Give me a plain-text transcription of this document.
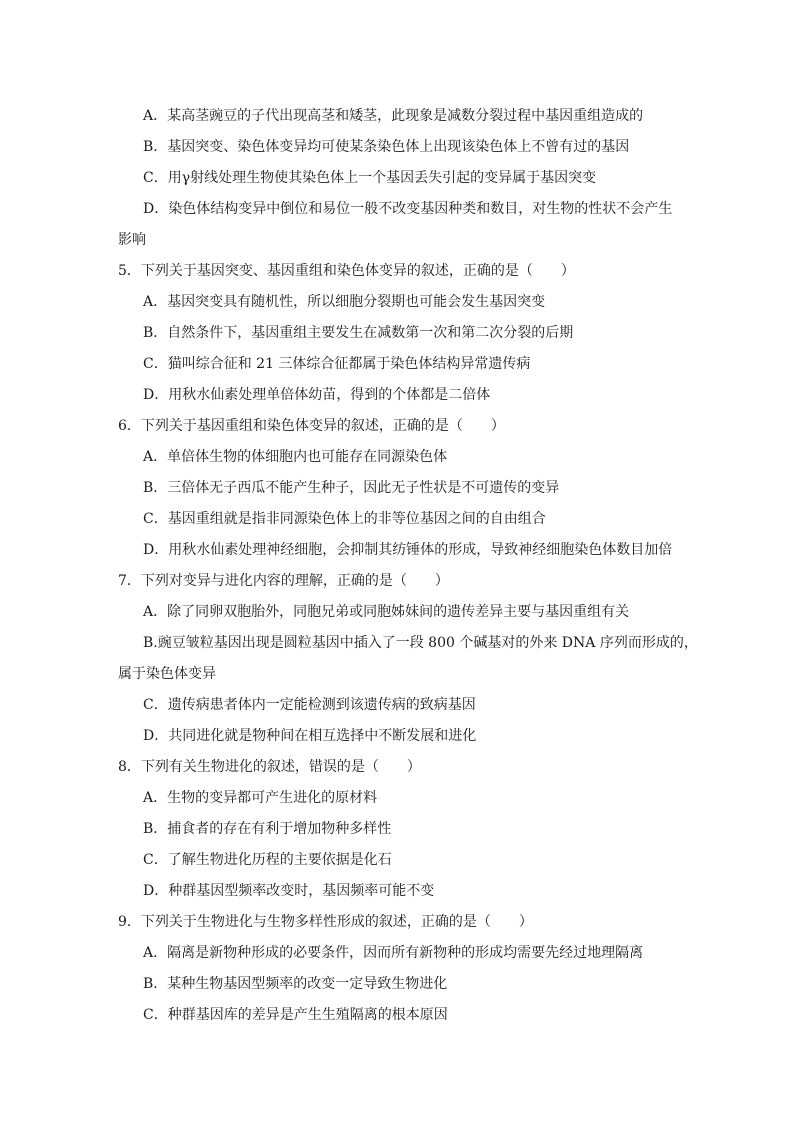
A．某高茎豌豆的子代出现高茎和矮茎，此现象是减数分裂过程中基因重组造成的
B．基因突变、染色体变异均可使某条染色体上出现该染色体上不曾有过的基因
C．用γ射线处理生物使其染色体上一个基因丢失引起的变异属于基因突变
D．染色体结构变异中倒位和易位一般不改变基因种类和数目，对生物的性状不会产生
影响
5．下列关于基因突变、基因重组和染色体变异的叙述，正确的是（　　）
A．基因突变具有随机性，所以细胞分裂期也可能会发生基因突变
B．自然条件下，基因重组主要发生在减数第一次和第二次分裂的后期
C．猫叫综合征和 21 三体综合征都属于染色体结构异常遗传病
D．用秋水仙素处理单倍体幼苗，得到的个体都是二倍体
6．下列关于基因重组和染色体变异的叙述，正确的是（　　）
A．单倍体生物的体细胞内也可能存在同源染色体
B．三倍体无子西瓜不能产生种子，因此无子性状是不可遗传的变异
C．基因重组就是指非同源染色体上的非等位基因之间的自由组合
D．用秋水仙素处理神经细胞，会抑制其纺锤体的形成，导致神经细胞染色体数目加倍
7．下列对变异与进化内容的理解，正确的是（　　）
A．除了同卵双胞胎外，同胞兄弟或同胞姊妹间的遗传差异主要与基因重组有关
B.豌豆皱粒基因出现是圆粒基因中插入了一段 800 个碱基对的外来 DNA 序列而形成的，
属于染色体变异
C．遗传病患者体内一定能检测到该遗传病的致病基因
D．共同进化就是物种间在相互选择中不断发展和进化
8．下列有关生物进化的叙述，错误的是（　　）
A．生物的变异都可产生进化的原材料
B．捕食者的存在有利于增加物种多样性
C．了解生物进化历程的主要依据是化石
D．种群基因型频率改变时，基因频率可能不变
9．下列关于生物进化与生物多样性形成的叙述，正确的是（　　）
A．隔离是新物种形成的必要条件，因而所有新物种的形成均需要先经过地理隔离
B．某种生物基因型频率的改变一定导致生物进化
C．种群基因库的差异是产生生殖隔离的根本原因
